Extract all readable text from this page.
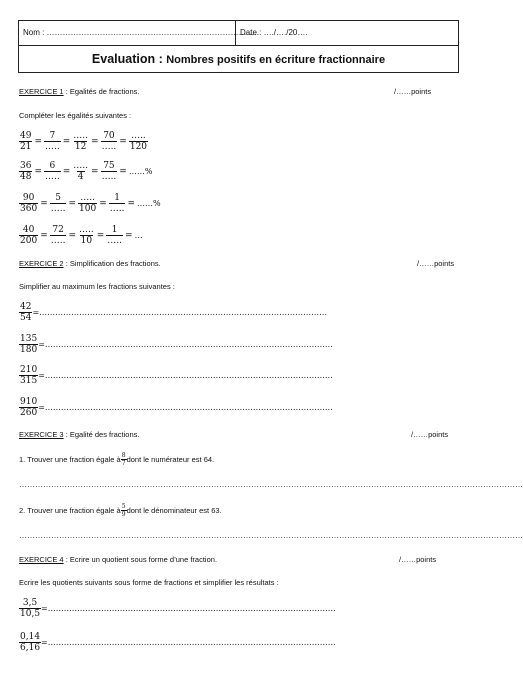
Nom : ……………………………………………………………………..
Date : …./…./20….
Evaluation : Nombres positifs en écriture fractionnaire
EXERCICE 1 : Egalités de fractions.	/……points
Compléter les égalités suivantes :
$\frac{49}{21} = \frac{7}{\dots..} = \frac{\dots..}{12} = \frac{70}{\dots..} = \frac{\dots..}{120}$
$\frac{36}{48} = \frac{6}{\dots..} = \frac{\dots..}{4} = \frac{75}{\dots..}$ = ……%
$\frac{90}{360} = \frac{5}{\dots..} = \frac{\dots..}{100} = \frac{1}{\dots..}$ = ……%
$\frac{40}{200} = \frac{72}{\dots..} = \frac{\dots..}{10} = \frac{1}{\dots..}$ = …
EXERCICE 2 : Simplification des fractions.	/……points
Simplifier au maximum les fractions suivantes :
$\frac{42}{54}$ =………………………………………………………………………………………………
$\frac{135}{180}$ =………………………………………………………………………………………………
$\frac{210}{315}$ =………………………………………………………………………………………………
$\frac{910}{260}$ =………………………………………………………………………………………………
EXERCICE 3 : Egalité des fractions.	/……points
1. Trouver une fraction égale à $\frac{8}{7}$ dont le numérateur est 64.
………………………………………………………………………………………………………………………………………………………………………
2. Trouver une fraction égale à $\frac{5}{9}$ dont le dénominateur est 63.
………………………………………………………………………………………………………………………………………………………………………
EXERCICE 4 : Ecrire un quotient sous forme d’une fraction.	/……points
Ecrire les quotients suivants sous forme de fractions et simplifier les résultats :
$\frac{3,5}{10,5}$ =………………………………………………………………………………………………
$\frac{0,14}{6,16}$ =………………………………………………………………………………………………
